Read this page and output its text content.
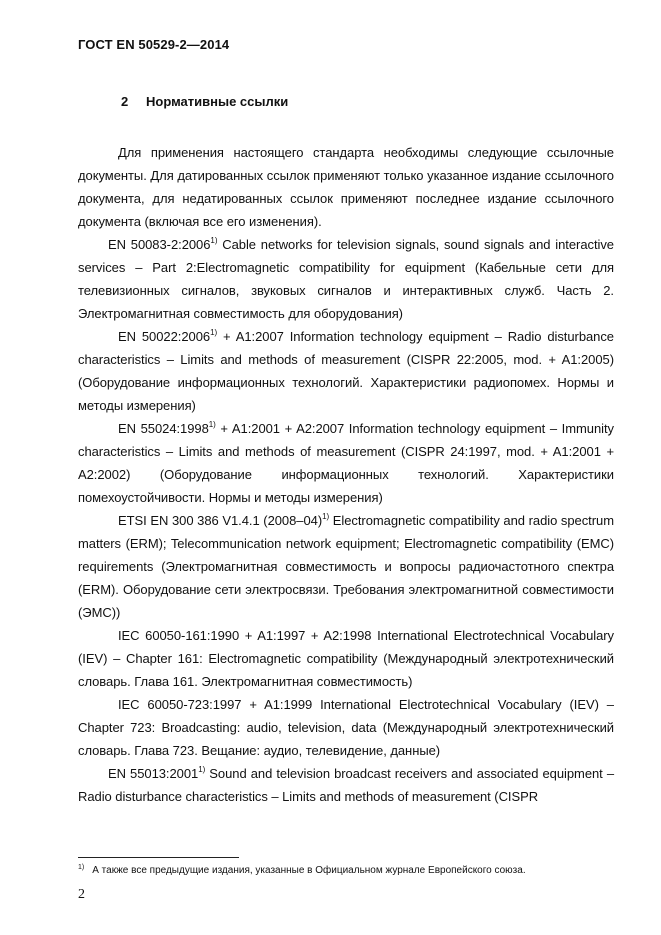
ГОСТ EN 50529-2—2014
2 Нормативные ссылки

Для применения настоящего стандарта необходимы следующие ссылочные документы. Для датированных ссылок применяют только указанное издание ссылочного документа, для недатированных ссылок применяют последнее издание ссылочного документа (включая все его изменения).

EN 50083-2:2006$^{1)}$ Cable networks for television signals, sound signals and interactive services – Part 2:Electromagnetic compatibility for equipment (Кабельные сети для телевизионных сигналов, звуковых сигналов и интерактивных служб. Часть 2. Электромагнитная совместимость для оборудования)

EN $50022:2006^{1)}$ + A1:2007 Information technology equipment – Radio disturbance characteristics – Limits and methods of measurement (CISPR 22:2005, mod. + A1:2005) (Оборудование информационных технологий. Характеристики радиопомех. Нормы и методы измерения)

EN $55024:1998^{1)}$ + A1:2001 + A2:2007 Information technology equipment – Immunity characteristics – Limits and methods of measurement (CISPR 24:1997, mod. + A1:2001 + A2:2002) (Оборудование информационных технологий. Характеристики помехоустойчивости. Нормы и методы измерения)

ETSI EN 300 386 V1.4.1 (2008–04)$^{1)}$ Electromagnetic compatibility and radio spectrum matters (ERM); Telecommunication network equipment; Electromagnetic compatibility (EMC) requirements (Электромагнитная совместимость и вопросы радиочастотного спектра (ERM). Оборудование сети электросвязи. Требования электромагнитной совместимости (ЭМС))

IEC 60050-161:1990 + A1:1997 + A2:1998 International Electrotechnical Vocabulary (IEV) – Chapter 161: Electromagnetic compatibility (Международный электротехнический словарь. Глава 161. Электромагнитная совместимость)

IEC 60050-723:1997 + A1:1999 International Electrotechnical Vocabulary (IEV) – Chapter 723: Broadcasting: audio, television, data (Международный электротехнический словарь. Глава 723. Вещание: аудио, телевидение, данные)

EN 55013:2001$^{1)}$ Sound and television broadcast receivers and associated equipment – Radio disturbance characteristics – Limits and methods of measurement (CISPR

$^{1)}$ А также все предыдущие издания, указанные в Официальном журнале Европейского союза.
2
